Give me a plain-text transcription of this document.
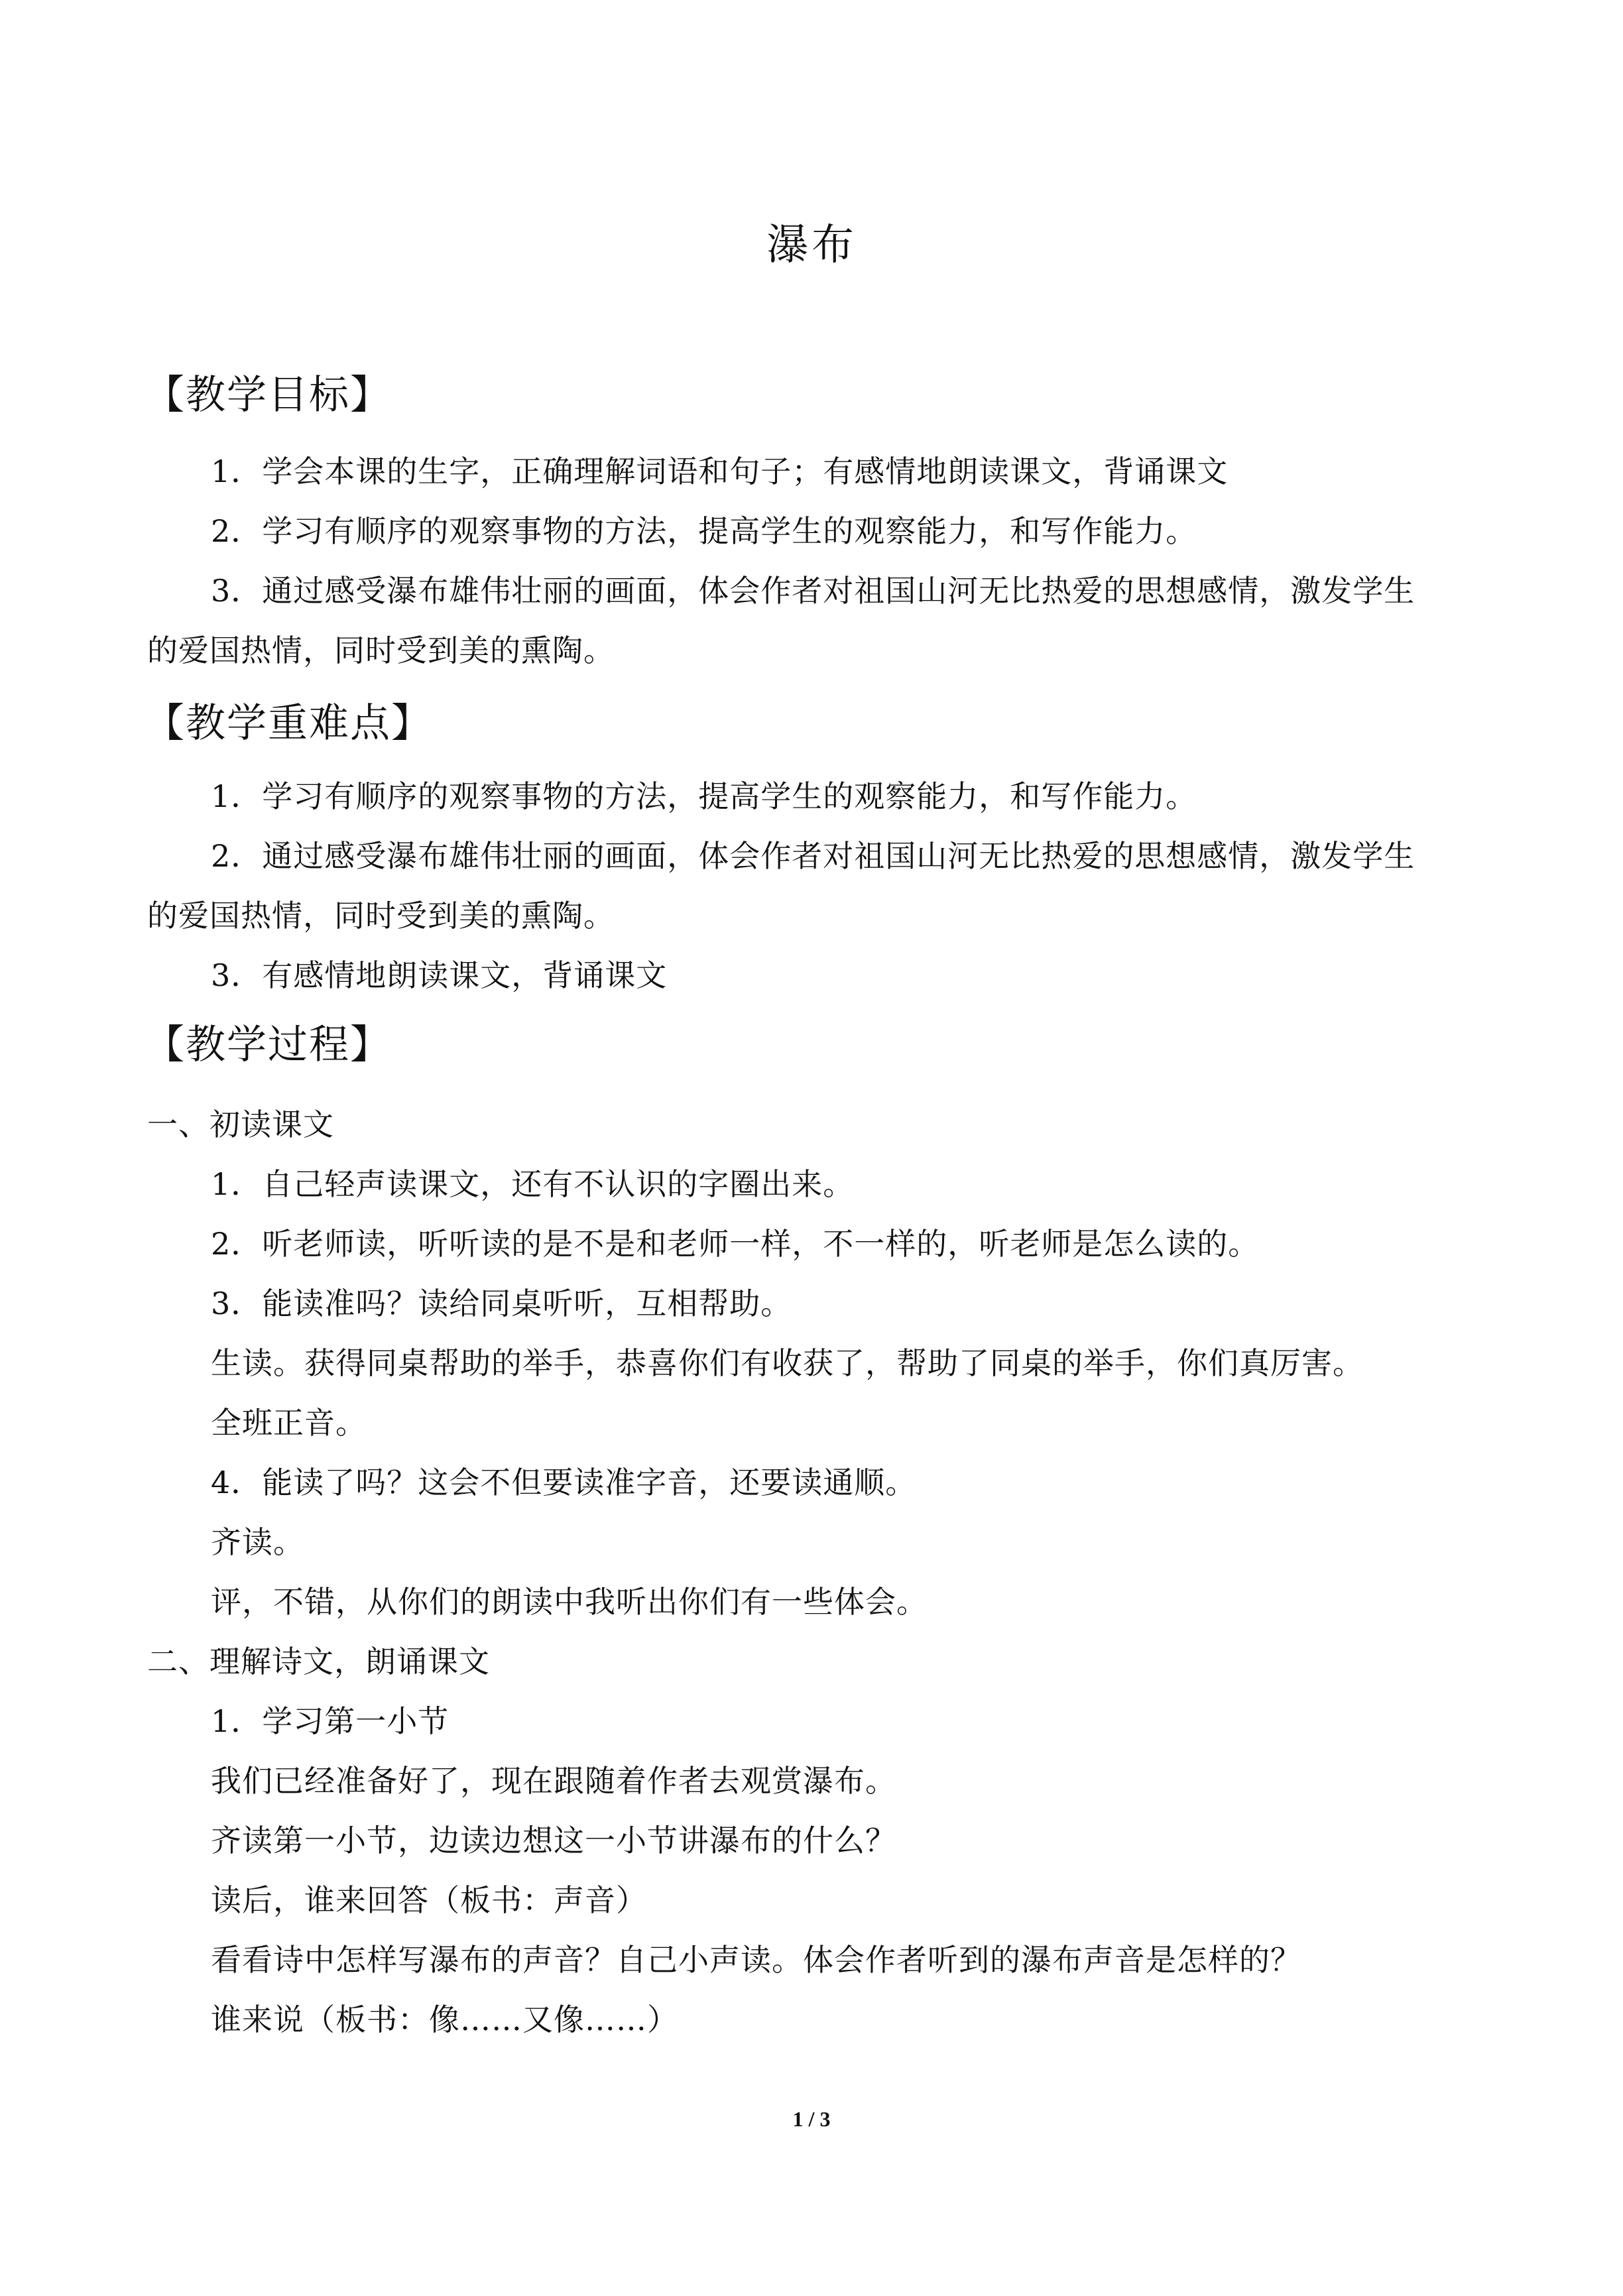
瀑布
【教学目标】
1．学会本课的生字，正确理解词语和句子；有感情地朗读课文，背诵课文
2．学习有顺序的观察事物的方法，提高学生的观察能力，和写作能力。
3．通过感受瀑布雄伟壮丽的画面，体会作者对祖国山河无比热爱的思想感情，激发学生
的爱国热情，同时受到美的熏陶。
【教学重难点】
1．学习有顺序的观察事物的方法，提高学生的观察能力，和写作能力。
2．通过感受瀑布雄伟壮丽的画面，体会作者对祖国山河无比热爱的思想感情，激发学生
的爱国热情，同时受到美的熏陶。
3．有感情地朗读课文，背诵课文
【教学过程】
一、初读课文
1．自己轻声读课文，还有不认识的字圈出来。
2．听老师读，听听读的是不是和老师一样，不一样的，听老师是怎么读的。
3．能读准吗？读给同桌听听，互相帮助。
生读。获得同桌帮助的举手，恭喜你们有收获了，帮助了同桌的举手，你们真厉害。
全班正音。
4．能读了吗？这会不但要读准字音，还要读通顺。
齐读。
评，不错，从你们的朗读中我听出你们有一些体会。
二、理解诗文，朗诵课文
1．学习第一小节
我们已经准备好了，现在跟随着作者去观赏瀑布。
齐读第一小节，边读边想这一小节讲瀑布的什么？
读后，谁来回答（板书：声音）
看看诗中怎样写瀑布的声音？自己小声读。体会作者听到的瀑布声音是怎样的？
谁来说（板书：像……又像……）
1 / 3
